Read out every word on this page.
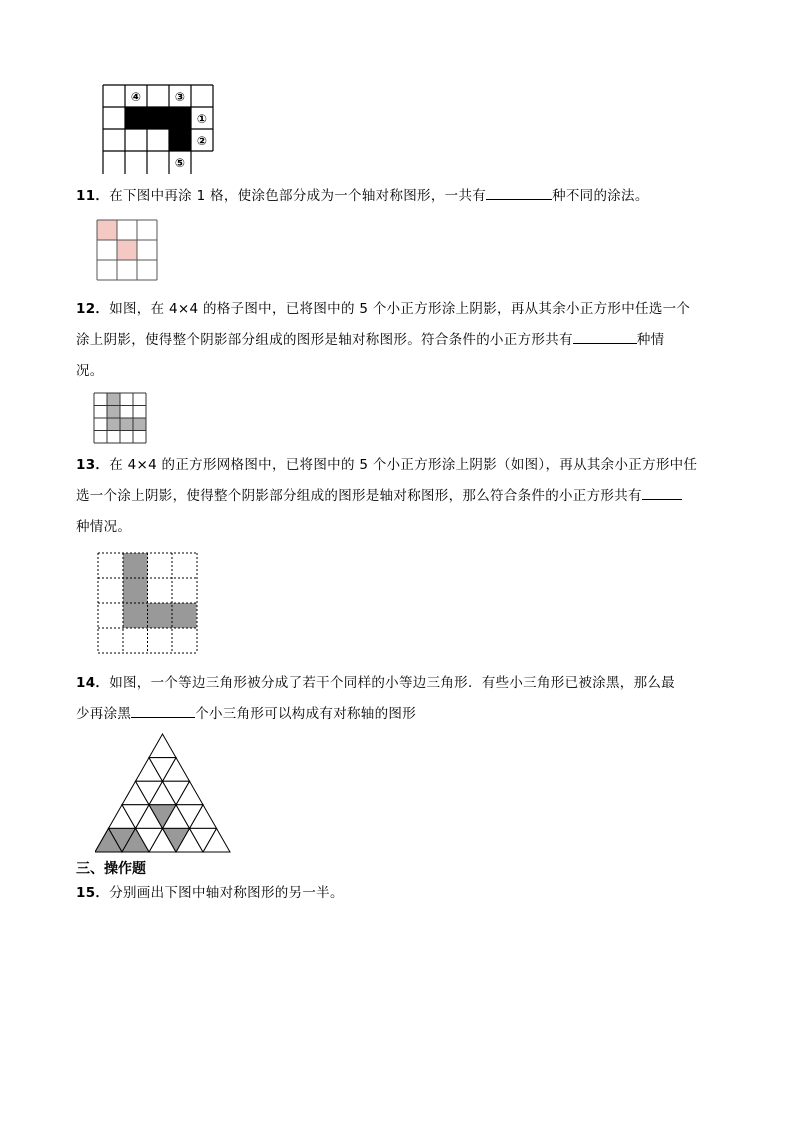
④	③
①
②
⑤
11．在下图中再涂 1 格，使涂色部分成为一个轴对称图形，一共有	种不同的涂法。
12．如图，在 4×4 的格子图中，已将图中的 5 个小正方形涂上阴影，再从其余小正方形中任选一个
涂上阴影，使得整个阴影部分组成的图形是轴对称图形。符合条件的小正方形共有	种情
况。
13．在 4×4 的正方形网格图中，已将图中的 5 个小正方形涂上阴影（如图），再从其余小正方形中任
选一个涂上阴影，使得整个阴影部分组成的图形是轴对称图形，那么符合条件的小正方形共有
种情况。
14．如图，一个等边三角形被分成了若干个同样的小等边三角形．有些小三角形已被涂黑，那么最
少再涂黑	个小三角形可以构成有对称轴的图形
三、操作题
15．分别画出下图中轴对称图形的另一半。
